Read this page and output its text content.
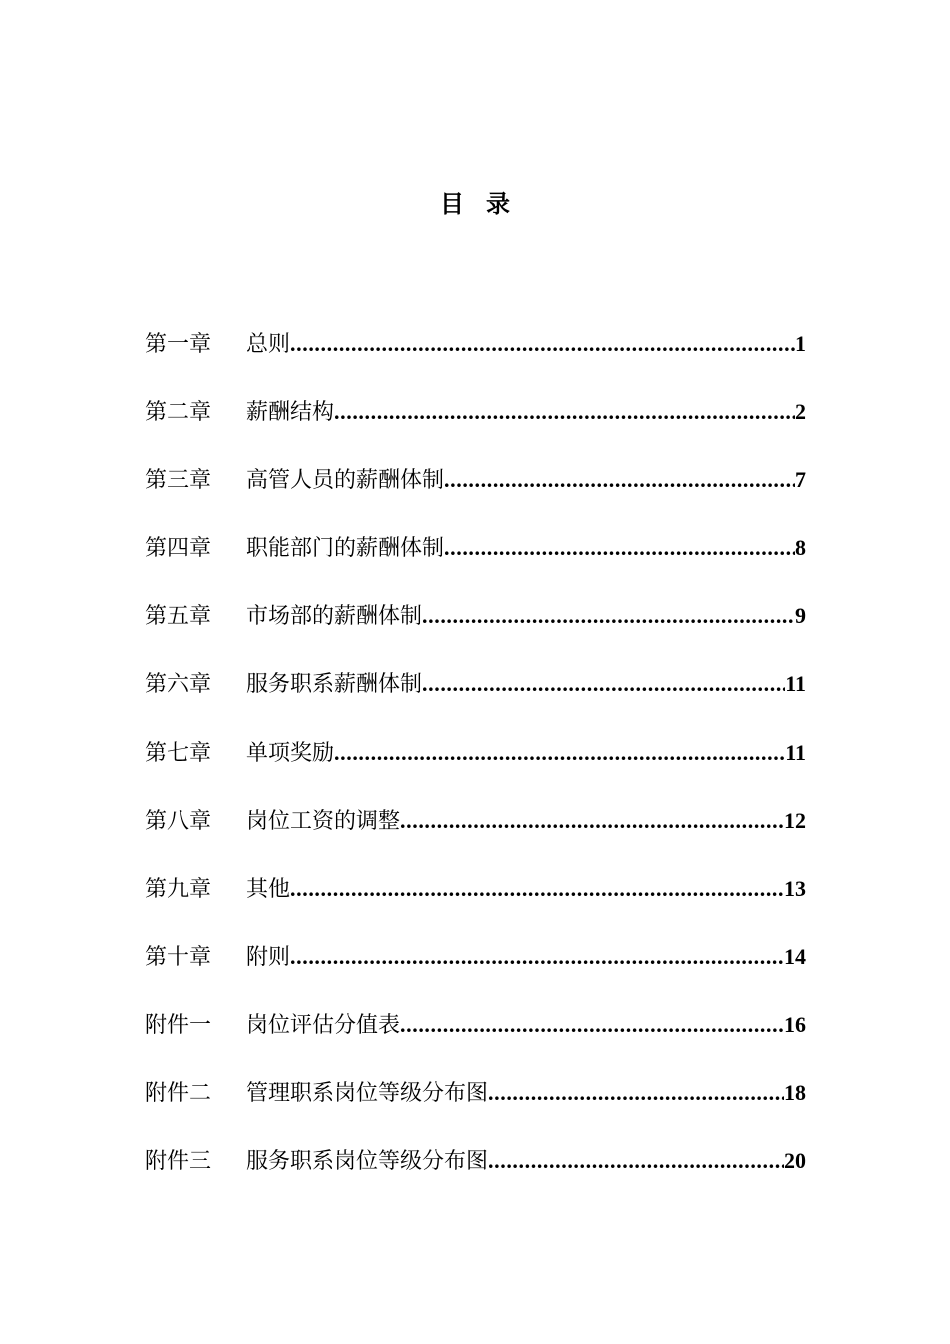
目录
第一章	总则 .....	1
第二章	薪酬结构 .....	2
第三章	高管人员的薪酬体制 .....	7
第四章	职能部门的薪酬体制 .....	8
第五章	市场部的薪酬体制 .....	9
第六章	服务职系薪酬体制 .....	11
第七章	单项奖励 .....	11
第八章	岗位工资的调整 .....	12
第九章	其他 .....	13
第十章	附则 .....	14
附件一	岗位评估分值表 .....	16
附件二	管理职系岗位等级分布图 .....	18
附件三	服务职系岗位等级分布图 .....	20
